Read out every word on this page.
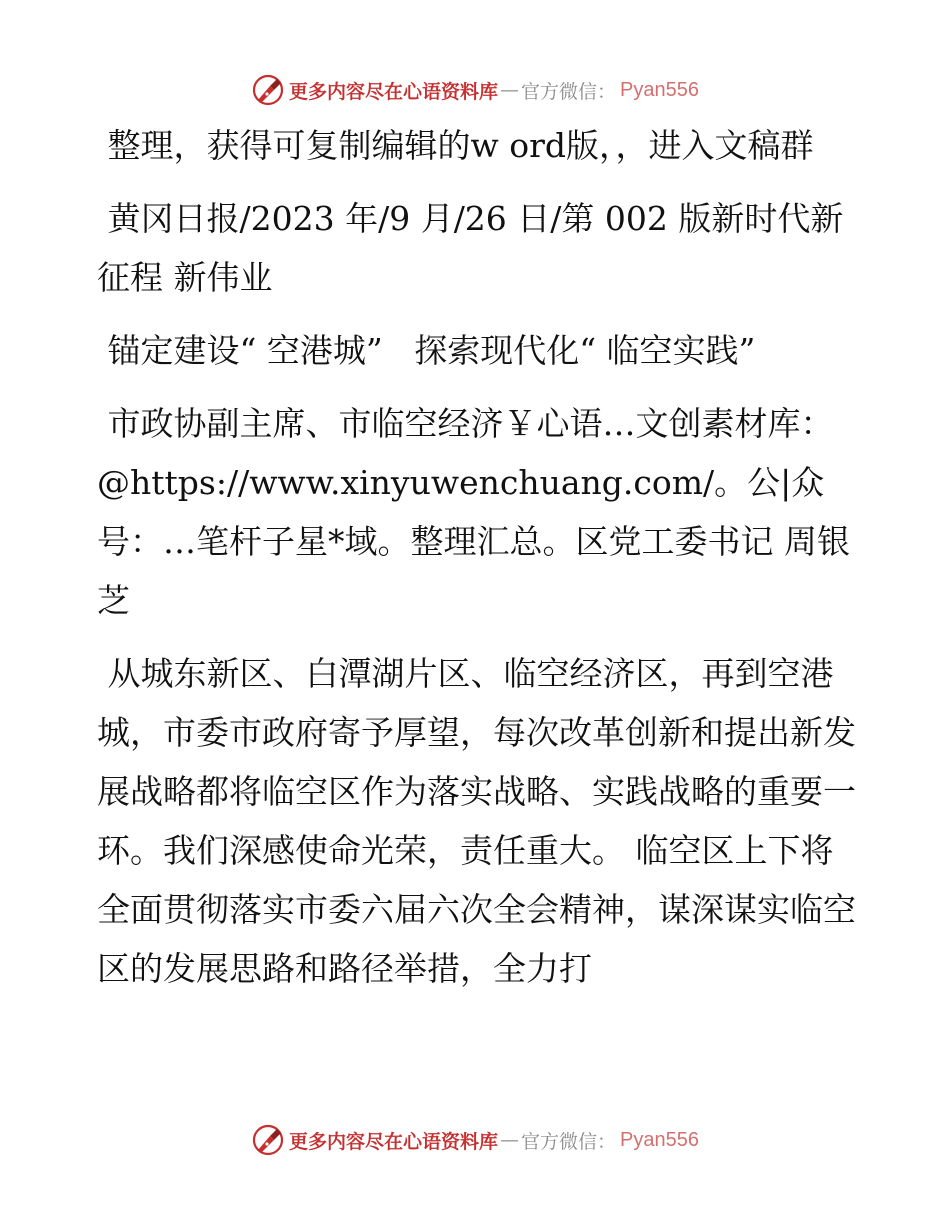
更多内容尽在心语资料库 — 官方微信： Pyan556

整理，获得可复制编辑的w ord版，，进入文稿群

黄冈日报/2023 年/9 月/26 日/第 002 版新时代新征程 新伟业

锚定建设“ 空港城”   探索现代化“ 临空实践”

市政协副主席、市临空经济￥心语…文创素材库：@https://www.xinyuwenchuang.com/。公|众号：…笔杆子星*域。整理汇总。区党工委书记 周银芝

从城东新区、白潭湖片区、临空经济区，再到空港城，市委市政府寄予厚望，每次改革创新和提出新发展战略都将临空区作为落实战略、实践战略的重要一环。我们深感使命光荣，责任重大。 临空区上下将全面贯彻落实市委六届六次全会精神，谋深谋实临空区的发展思路和路径举措，全力打

更多内容尽在心语资料库 — 官方微信： Pyan556
